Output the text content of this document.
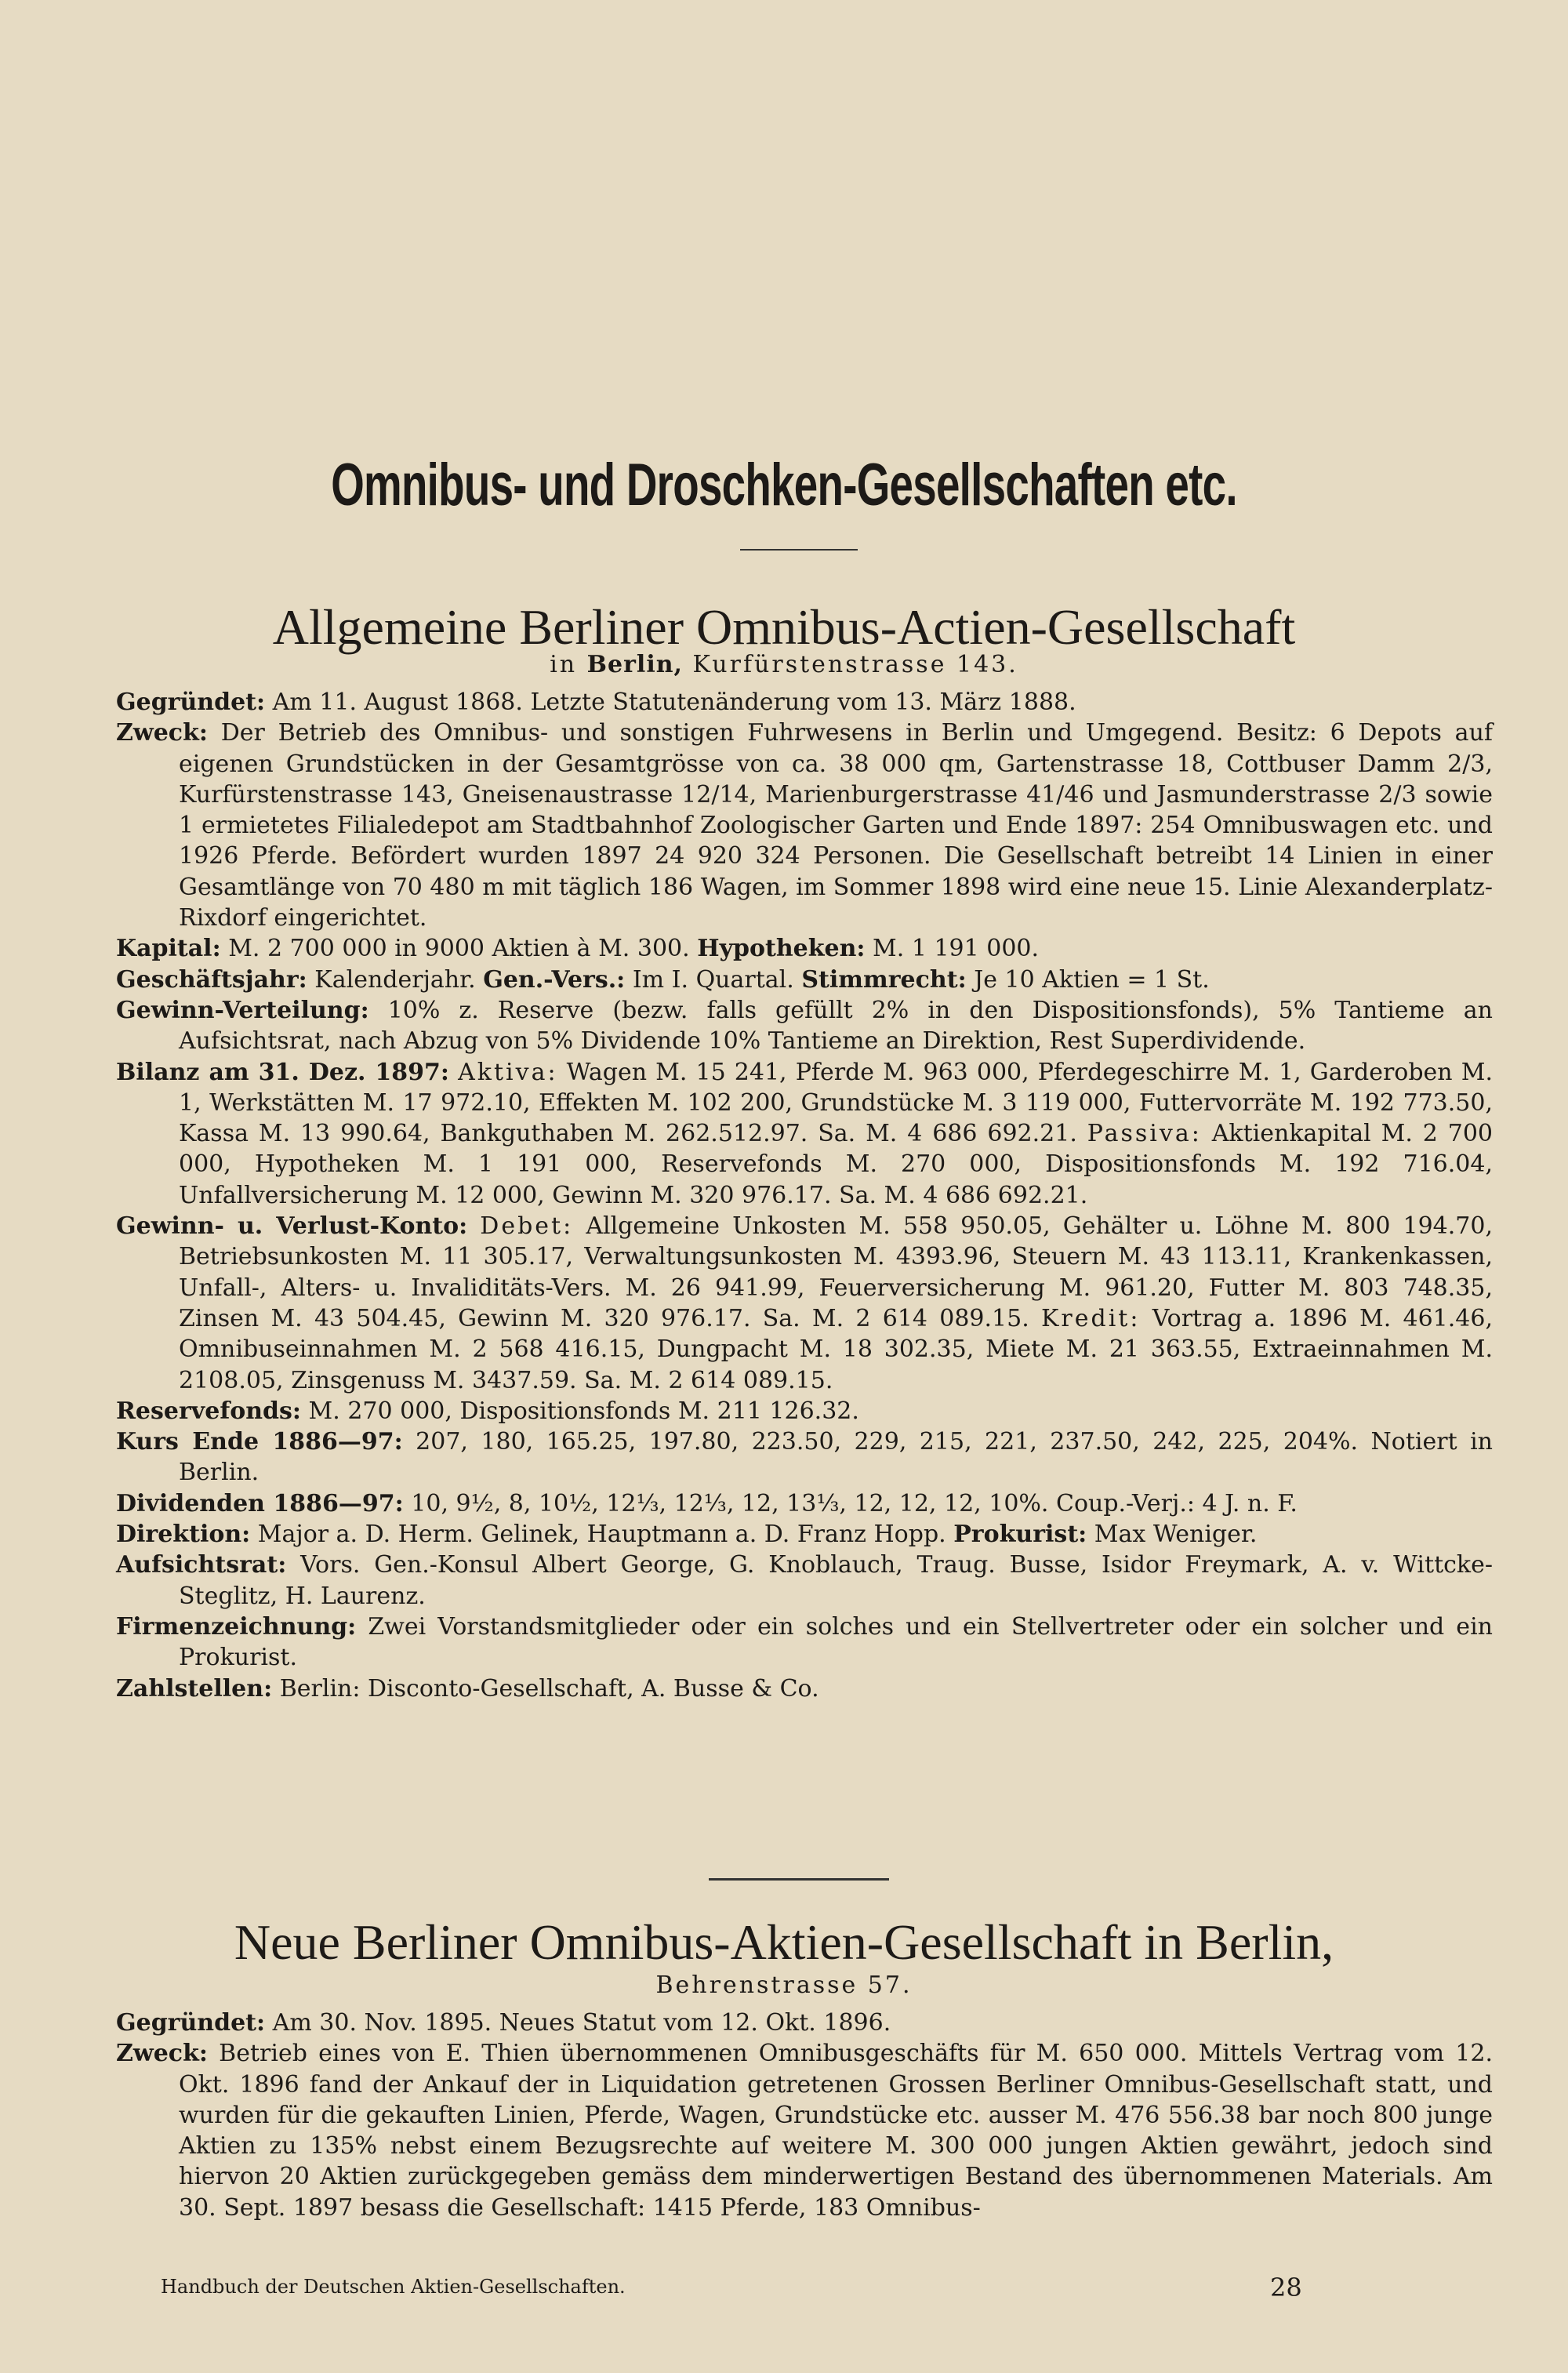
Omnibus- und Droschken-Gesellschaften etc.
Allgemeine Berliner Omnibus-Actien-Gesellschaft
in Berlin, Kurfürstenstrasse 143.
Gegründet: Am 11. August 1868. Letzte Statutenänderung vom 13. März 1888.
Zweck: Der Betrieb des Omnibus- und sonstigen Fuhrwesens in Berlin und Umgegend. Besitz: 6 Depots auf eigenen Grundstücken in der Gesamtgrösse von ca. 38 000 qm, Gartenstrasse 18, Cottbuser Damm 2/3, Kurfürstenstrasse 143, Gneisenaustrasse 12/14, Marienburgerstrasse 41/46 und Jasmunderstrasse 2/3 sowie 1 ermietetes Filialedepot am Stadtbahnhof Zoologischer Garten und Ende 1897: 254 Omnibuswagen etc. und 1926 Pferde. Befördert wurden 1897 24 920 324 Personen. Die Gesellschaft betreibt 14 Linien in einer Gesamtlänge von 70 480 m mit täglich 186 Wagen, im Sommer 1898 wird eine neue 15. Linie Alexanderplatz-Rixdorf eingerichtet.
Kapital: M. 2 700 000 in 9000 Aktien à M. 300. Hypotheken: M. 1 191 000.
Geschäftsjahr: Kalenderjahr. Gen.-Vers.: Im I. Quartal. Stimmrecht: Je 10 Aktien = 1 St.
Gewinn-Verteilung: 10% z. Reserve (bezw. falls gefüllt 2% in den Dispositionsfonds), 5% Tantieme an Aufsichtsrat, nach Abzug von 5% Dividende 10% Tantieme an Direktion, Rest Superdividende.
Bilanz am 31. Dez. 1897: Aktiva: Wagen M. 15 241, Pferde M. 963 000, Pferdegeschirre M. 1, Garderoben M. 1, Werkstätten M. 17 972.10, Effekten M. 102 200, Grundstücke M. 3 119 000, Futtervorräte M. 192 773.50, Kassa M. 13 990.64, Bankguthaben M. 262.512.97. Sa. M. 4 686 692.21. Passiva: Aktienkapital M. 2 700 000, Hypotheken M. 1 191 000, Reservefonds M. 270 000, Dispositionsfonds M. 192 716.04, Unfallversicherung M. 12 000, Gewinn M. 320 976.17. Sa. M. 4 686 692.21.
Gewinn- u. Verlust-Konto: Debet: Allgemeine Unkosten M. 558 950.05, Gehälter u. Löhne M. 800 194.70, Betriebsunkosten M. 11 305.17, Verwaltungsunkosten M. 4393.96, Steuern M. 43 113.11, Krankenkassen, Unfall-, Alters- u. Invaliditäts-Vers. M. 26 941.99, Feuerversicherung M. 961.20, Futter M. 803 748.35, Zinsen M. 43 504.45, Gewinn M. 320 976.17. Sa. M. 2 614 089.15. Kredit: Vortrag a. 1896 M. 461.46, Omnibuseinnahmen M. 2 568 416.15, Dungpacht M. 18 302.35, Miete M. 21 363.55, Extraeinnahmen M. 2108.05, Zinsgenuss M. 3437.59. Sa. M. 2 614 089.15.
Reservefonds: M. 270 000, Dispositionsfonds M. 211 126.32.
Kurs Ende 1886—97: 207, 180, 165.25, 197.80, 223.50, 229, 215, 221, 237.50, 242, 225, 204%. Notiert in Berlin.
Dividenden 1886—97: 10, 9½, 8, 10½, 12⅓, 12⅓, 12, 13⅓, 12, 12, 12, 10%. Coup.-Verj.: 4 J. n. F.
Direktion: Major a. D. Herm. Gelinek, Hauptmann a. D. Franz Hopp. Prokurist: Max Weniger.
Aufsichtsrat: Vors. Gen.-Konsul Albert George, G. Knoblauch, Traug. Busse, Isidor Freymark, A. v. Wittcke-Steglitz, H. Laurenz.
Firmenzeichnung: Zwei Vorstandsmitglieder oder ein solches und ein Stellvertreter oder ein solcher und ein Prokurist.
Zahlstellen: Berlin: Disconto-Gesellschaft, A. Busse & Co.
Neue Berliner Omnibus-Aktien-Gesellschaft in Berlin,
Behrenstrasse 57.
Gegründet: Am 30. Nov. 1895. Neues Statut vom 12. Okt. 1896.
Zweck: Betrieb eines von E. Thien übernommenen Omnibusgeschäfts für M. 650 000. Mittels Vertrag vom 12. Okt. 1896 fand der Ankauf der in Liquidation getretenen Grossen Berliner Omnibus-Gesellschaft statt, und wurden für die gekauften Linien, Pferde, Wagen, Grundstücke etc. ausser M. 476 556.38 bar noch 800 junge Aktien zu 135% nebst einem Bezugsrechte auf weitere M. 300 000 jungen Aktien gewährt, jedoch sind hiervon 20 Aktien zurückgegeben gemäss dem minderwertigen Bestand des übernommenen Materials. Am 30. Sept. 1897 besass die Gesellschaft: 1415 Pferde, 183 Omnibus-
Handbuch der Deutschen Aktien-Gesellschaften.	28
